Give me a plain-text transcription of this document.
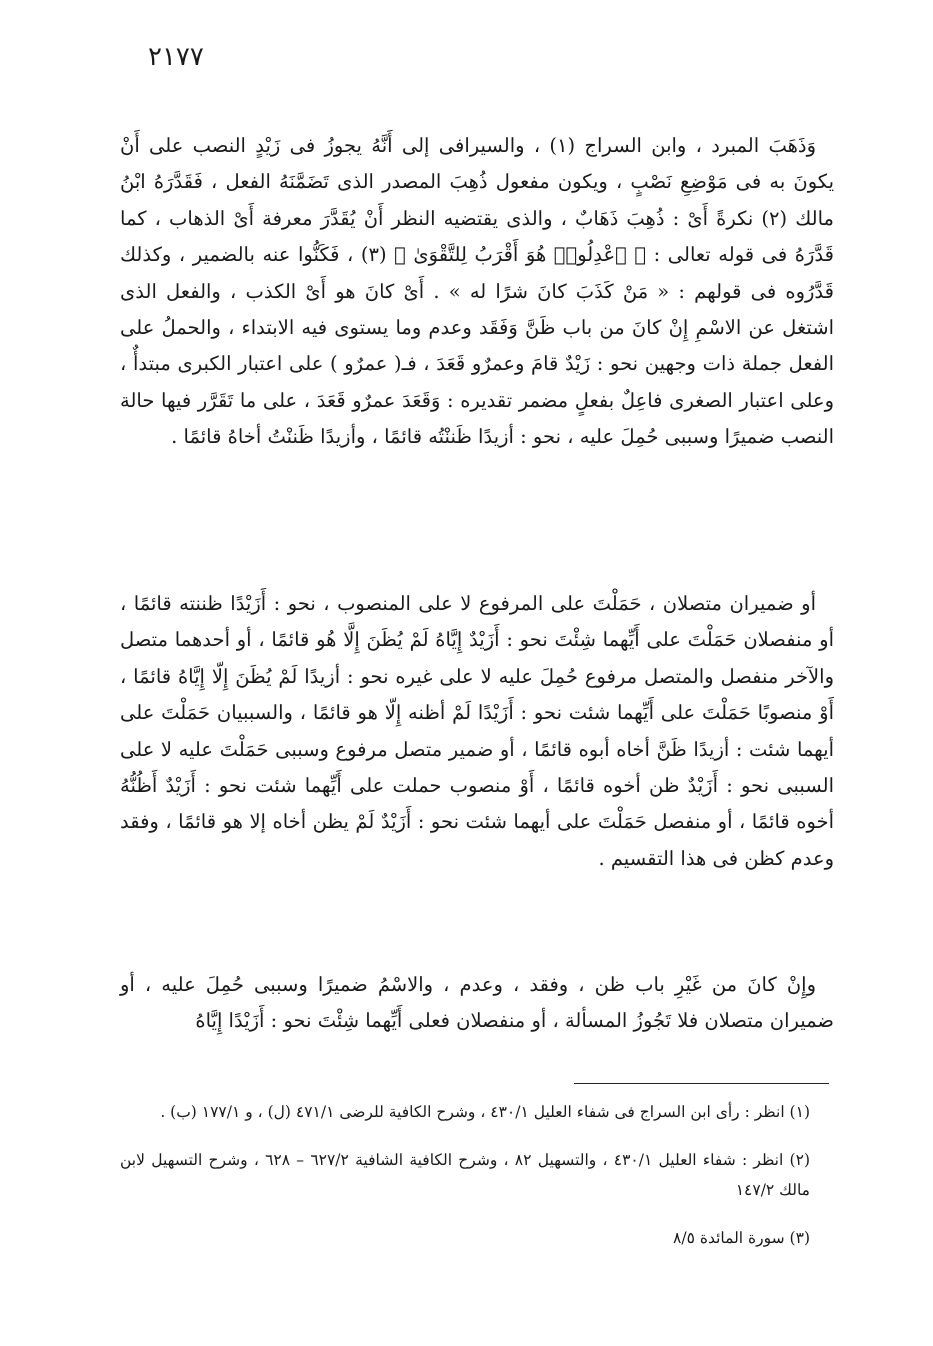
٢١٧٧

وَذَهَبَ المبرد ، وابن السراج (١) ، والسيرافى إلى أَنَّهُ يجوزُ فى زَيْدٍ النصب على أَنْ يكونَ به فى مَوْضِعِ نَصْبٍ ، ويكون مفعول ذُهِبَ المصدر الذى تَضَمَّنَهُ الفعل ، فَقَدَّرَهُ ابْنُ مالك (٢) نكرةً أَىْ : ذُهِبَ ذَهَابٌ ، والذى يقتضيه النظر أَنْ يُقَدَّرَ معرفة أَىْ الذهاب ، كما قَدَّرَهُ فى قوله تعالى : ﴿ ٱعْدِلُوا۟ هُوَ أَقْرَبُ لِلتَّقْوَىٰ ﴾ (٣) ، فَكَنُّوا عنه بالضمير ، وكذلك قَدَّرُوه فى قولهم : « مَنْ كَذَبَ كانَ شرًا له » . أَىْ كانَ هو أَىْ الكذب ، والفعل الذى اشتغل عن الاسْمِ إِنْ كانَ من باب ظَنَّ وَفَقَد وعدم وما يستوى فيه الابتداء ، والحملُ على الفعل جملة ذات وجهين نحو : زَيْدٌ قامَ وعمرٌو قَعَدَ ، فـ( عمرٌو ) على اعتبار الكبرى مبتدأٌ ، وعلى اعتبار الصغرى فاعِلٌ بفعلٍ مضمر تقديره : وَقَعَدَ عمرٌو قَعَدَ ، على ما تَقَرَّر فيها حالة النصب ضميرًا وسببى حُمِلَ عليه ، نحو : أزيدًا ظَننْتُه قائمًا ، وأزيدًا ظَننْتُ أخاهُ قائمًا .

أو ضميران متصلان ، حَمَلْتَ على المرفوع لا على المنصوب ، نحو : أَزَيْدًا ظننته قائمًا ، أو منفصلان حَمَلْتَ على أَيِّهما شِئْتَ نحو : أَزَيْدٌ إِيَّاهُ لَمْ يُظَنَ إِلَّا هُو قائمًا ، أو أحدهما متصل والآخر منفصل والمتصل مرفوع حُمِلَ عليه لا على غيره نحو : أزيدًا لَمْ يُظَنَ إِلّا إِيَّاهُ قائمًا ، أَوْ منصوبًا حَمَلْتَ على أَيِّهما شئت نحو : أَزَيْدًا لَمْ أظنه إِلّا هو قائمًا ، والسببيان حَمَلْتَ على أيهما شئت : أزيدًا ظَنَّ أخاه أبوه قائمًا ، أو ضمير متصل مرفوع وسببى حَمَلْتَ عليه لا على السببى نحو : أَزَيْدٌ ظن أخوه قائمًا ، أَوْ منصوب حملت على أَيِّهما شئت نحو : أَزَيْدٌ أَظُنُّهُ أخوه قائمًا ، أو منفصل حَمَلْتَ على أيهما شئت نحو : أَزَيْدٌ لَمْ يظن أخاه إلا هو قائمًا ، وفقد وعدم كظن فى هذا التقسيم .

وإِنْ كانَ من غَيْرِ باب ظن ، وفقد ، وعدم ، والاسْمُ ضميرًا وسببى حُمِلَ عليه ، أو ضميران متصلان فلا تَجُوزُ المسألة ، أو منفصلان فعلى أَيِّهما شِئْتَ نحو : أَزَيْدًا إِيَّاهُ

(١) انظر : رأى ابن السراج فى شفاء العليل ٤٣٠/١ ، وشرح الكافية للرضى ٤٧١/١ (ل) ، و ١٧٧/١ (ب) .

(٢) انظر : شفاء العليل ٤٣٠/١ ، والتسهيل ٨٢ ، وشرح الكافية الشافية ٦٢٧/٢ – ٦٢٨ ، وشرح التسهيل لابن مالك ١٤٧/٢

(٣) سورة المائدة ٨/٥
